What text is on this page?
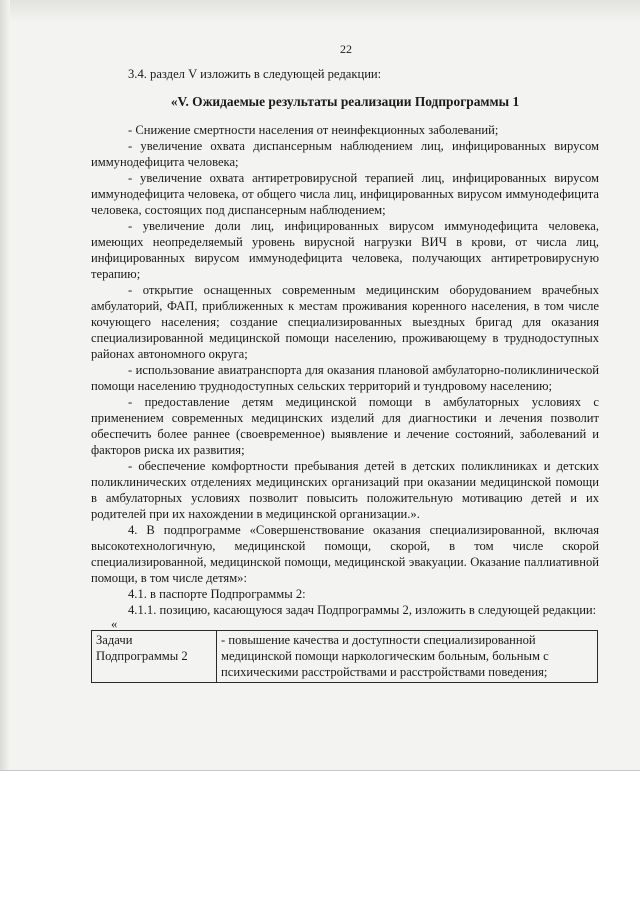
22

3.4. раздел V изложить в следующей редакции:

«V. Ожидаемые результаты реализации Подпрограммы 1

- Снижение смертности населения от неинфекционных заболеваний;

- увеличение охвата диспансерным наблюдением лиц, инфицированных вирусом иммунодефицита человека;

- увеличение охвата антиретровирусной терапией лиц, инфицированных вирусом иммунодефицита человека, от общего числа лиц, инфицированных вирусом иммунодефицита человека, состоящих под диспансерным наблюдением;

- увеличение доли лиц, инфицированных вирусом иммунодефицита человека, имеющих неопределяемый уровень вирусной нагрузки ВИЧ в крови, от числа лиц, инфицированных вирусом иммунодефицита человека, получающих антиретровирусную терапию;

- открытие оснащенных современным медицинским оборудованием врачебных амбулаторий, ФАП, приближенных к местам проживания коренного населения, в том числе кочующего населения; создание специализированных выездных бригад для оказания специализированной медицинской помощи населению, проживающему в труднодоступных районах автономного округа;

- использование авиатранспорта для оказания плановой амбулаторно-поликлинической помощи населению труднодоступных сельских территорий и тундровому населению;

- предоставление детям медицинской помощи в амбулаторных условиях с применением современных медицинских изделий для диагностики и лечения позволит обеспечить более раннее (своевременное) выявление и лечение состояний, заболеваний и факторов риска их развития;

- обеспечение комфортности пребывания детей в детских поликлиниках и детских поликлинических отделениях медицинских организаций при оказании медицинской помощи в амбулаторных условиях позволит повысить положительную мотивацию детей и их родителей при их нахождении в медицинской организации.».

4. В подпрограмме «Совершенствование оказания специализированной, включая высокотехнологичную, медицинской помощи, скорой, в том числе скорой специализированной, медицинской помощи, медицинской эвакуации. Оказание паллиативной помощи, в том числе детям»:

4.1. в паспорте Подпрограммы 2:

4.1.1. позицию, касающуюся задач Подпрограммы 2, изложить в следующей редакции:

«

Задачи Подпрограммы 2	- повышение качества и доступности специализированной медицинской помощи наркологическим больным, больным с психическими расстройствами и расстройствами поведения;
